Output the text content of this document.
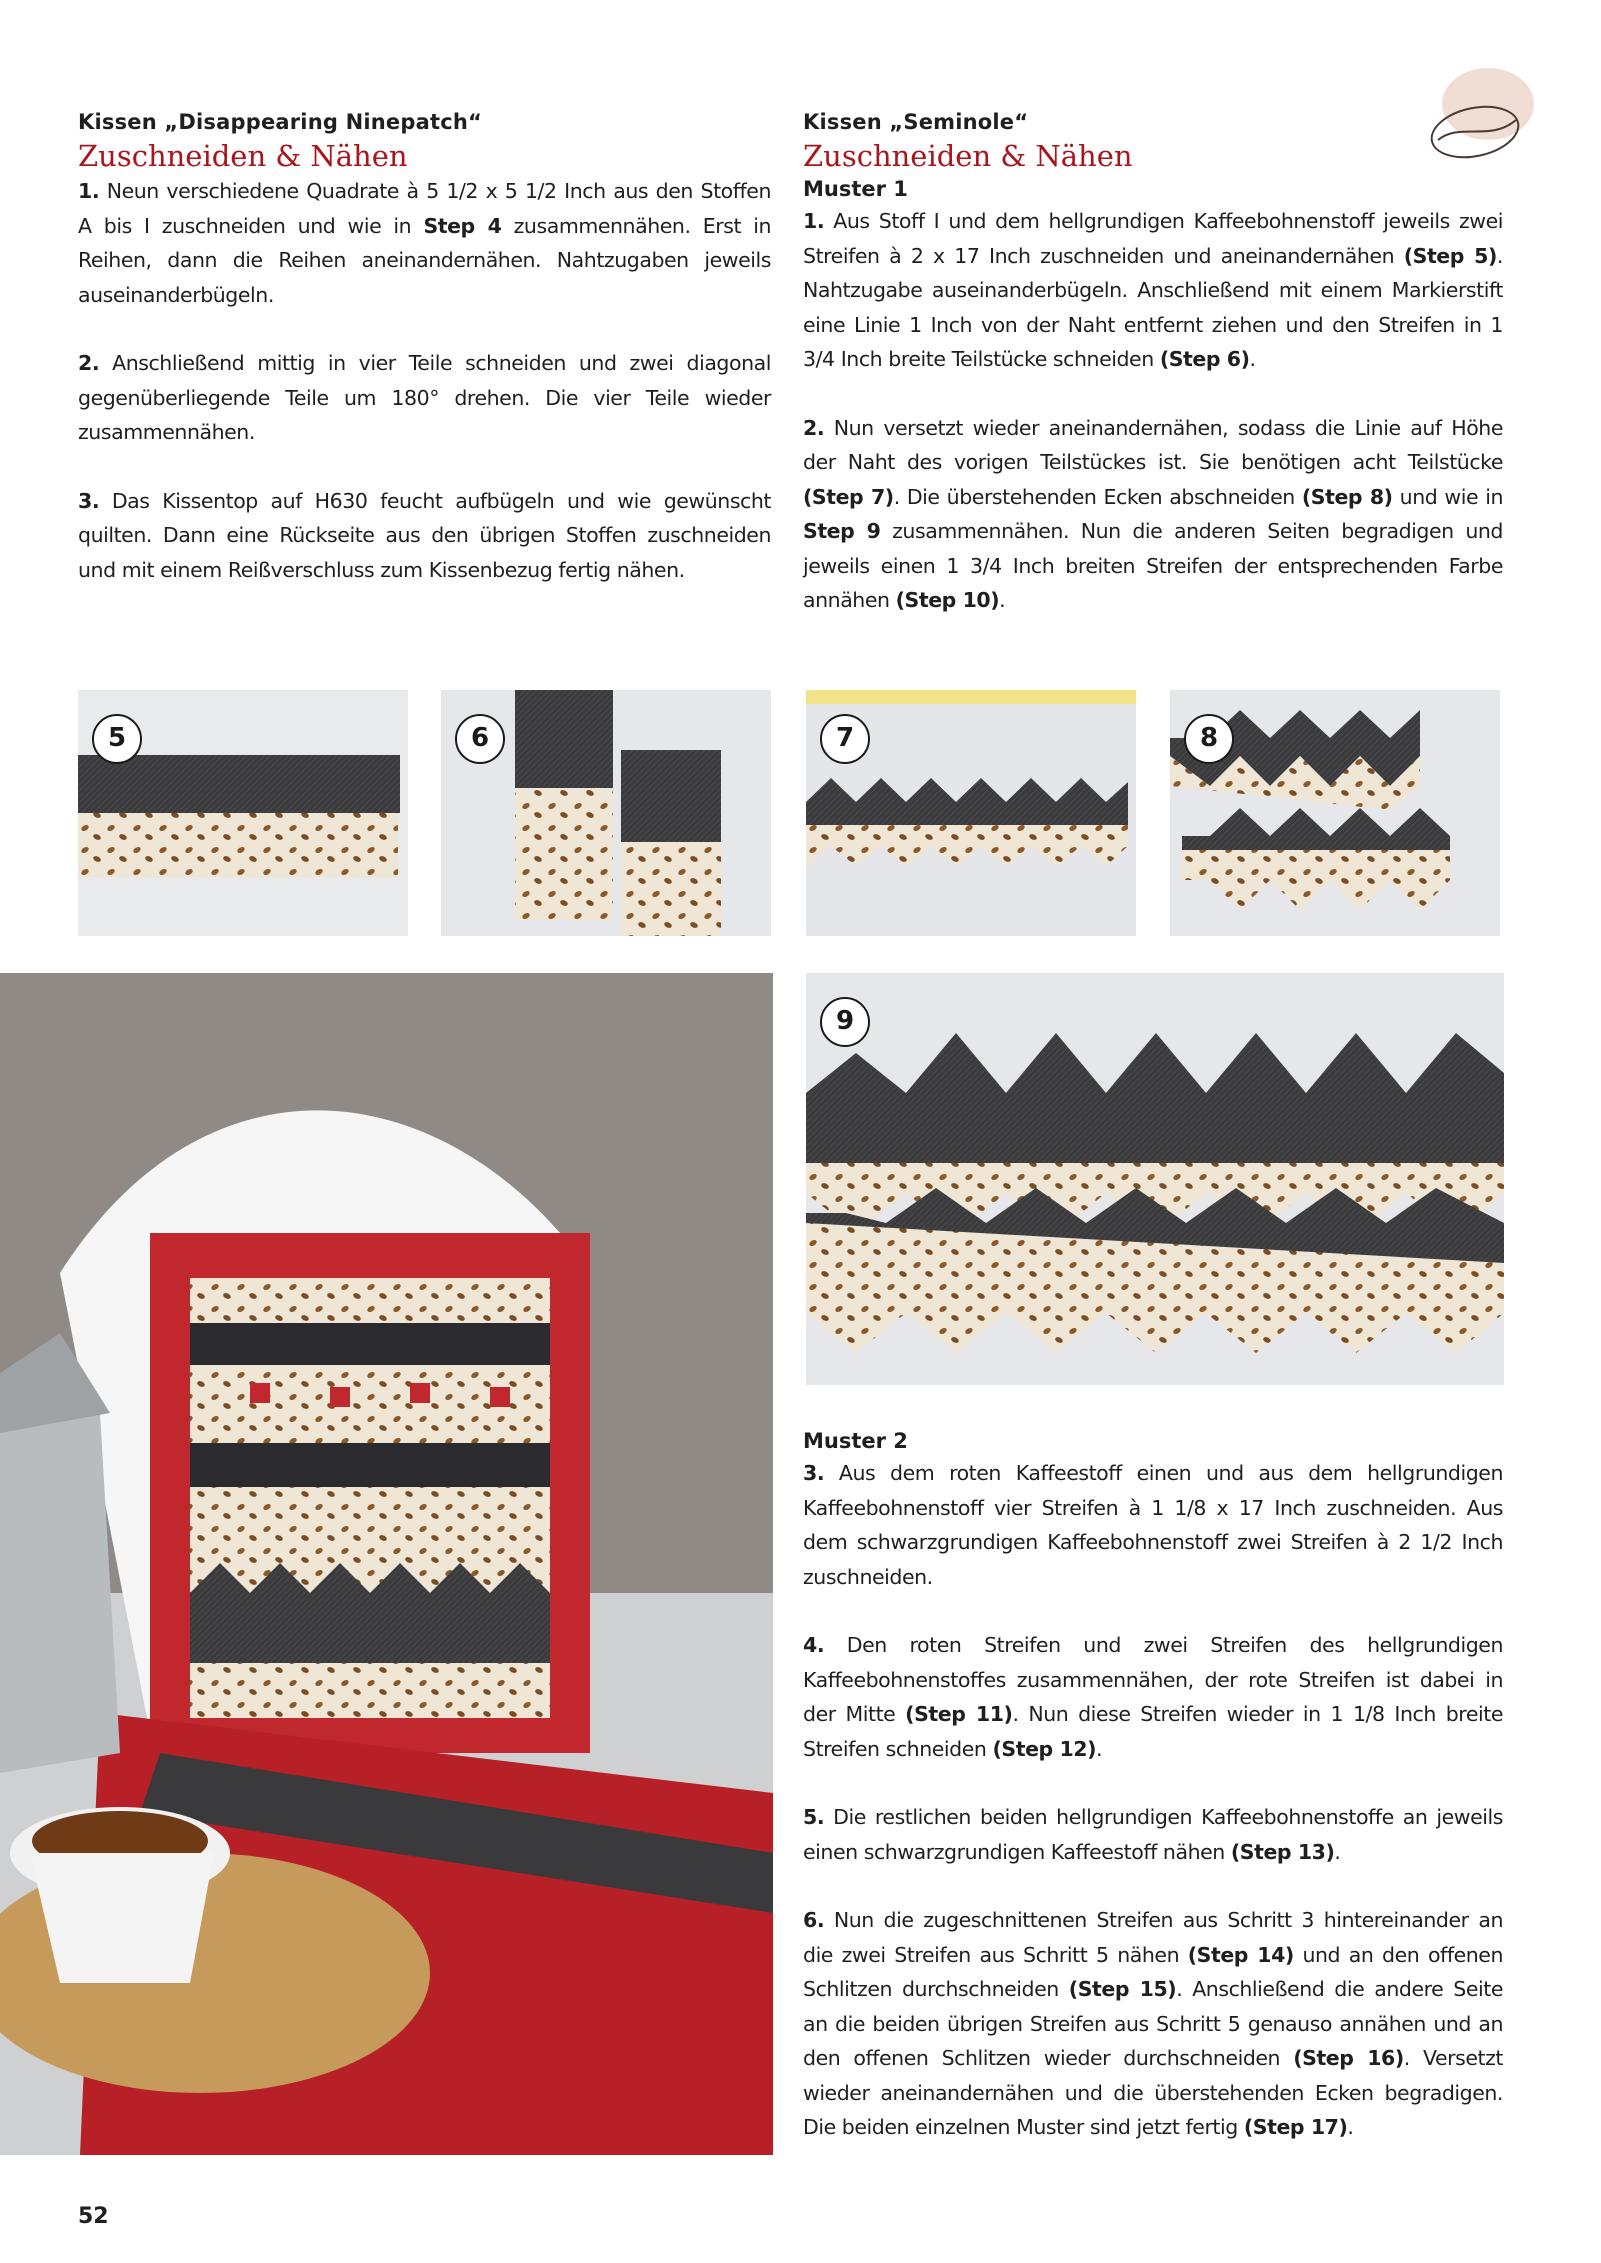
Kissen „Disappearing Ninepatch“
Zuschneiden & Nähen

1. Neun verschiedene Quadrate à 5 1/2 x 5 1/2 Inch aus den Stoffen A bis I zuschneiden und wie in Step 4 zusammennähen. Erst in Reihen, dann die Reihen aneinandernähen. Nahtzugaben jeweils auseinanderbügeln.

2. Anschließend mittig in vier Teile schneiden und zwei diagonal gegenüberliegende Teile um 180° drehen. Die vier Teile wieder zusammennähen.

3. Das Kissentop auf H630 feucht aufbügeln und wie gewünscht quilten. Dann eine Rückseite aus den übrigen Stoffen zuschneiden und mit einem Reißverschluss zum Kissenbezug fertig nähen.

Kissen „Seminole“
Zuschneiden & Nähen
Muster 1

1. Aus Stoff I und dem hellgrundigen Kaffeebohnenstoff jeweils zwei Streifen à 2 x 17 Inch zuschneiden und aneinandernähen (Step 5). Nahtzugabe auseinanderbügeln. Anschließend mit einem Markierstift eine Linie 1 Inch von der Naht entfernt ziehen und den Streifen in 1 3/4 Inch breite Teilstücke schneiden (Step 6).

2. Nun versetzt wieder aneinandernähen, sodass die Linie auf Höhe der Naht des vorigen Teilstückes ist. Sie benötigen acht Teilstücke (Step 7). Die überstehenden Ecken abschneiden (Step 8) und wie in Step 9 zusammennähen. Nun die anderen Seiten begradigen und jeweils einen 1 3/4 Inch breiten Streifen der entsprechenden Farbe annähen (Step 10).

5	6	7	8
9
Muster 2

3. Aus dem roten Kaffeestoff einen und aus dem hellgrundigen Kaffeebohnenstoff vier Streifen à 1 1/8 x 17 Inch zuschneiden. Aus dem schwarzgrundigen Kaffeebohnenstoff zwei Streifen à 2 1/2 Inch zuschneiden.

4. Den roten Streifen und zwei Streifen des hellgrundigen Kaffeebohnenstoffes zusammennähen, der rote Streifen ist dabei in der Mitte (Step 11). Nun diese Streifen wieder in 1 1/8 Inch breite Streifen schneiden (Step 12).

5. Die restlichen beiden hellgrundigen Kaffeebohnenstoffe an jeweils einen schwarzgrundigen Kaffeestoff nähen (Step 13).

6. Nun die zugeschnittenen Streifen aus Schritt 3 hintereinander an die zwei Streifen aus Schritt 5 nähen (Step 14) und an den offenen Schlitzen durchschneiden (Step 15). Anschließend die andere Seite an die beiden übrigen Streifen aus Schritt 5 genauso annähen und an den offenen Schlitzen wieder durchschneiden (Step 16). Versetzt wieder aneinandernähen und die überstehenden Ecken begradigen. Die beiden einzelnen Muster sind jetzt fertig (Step 17).

52
